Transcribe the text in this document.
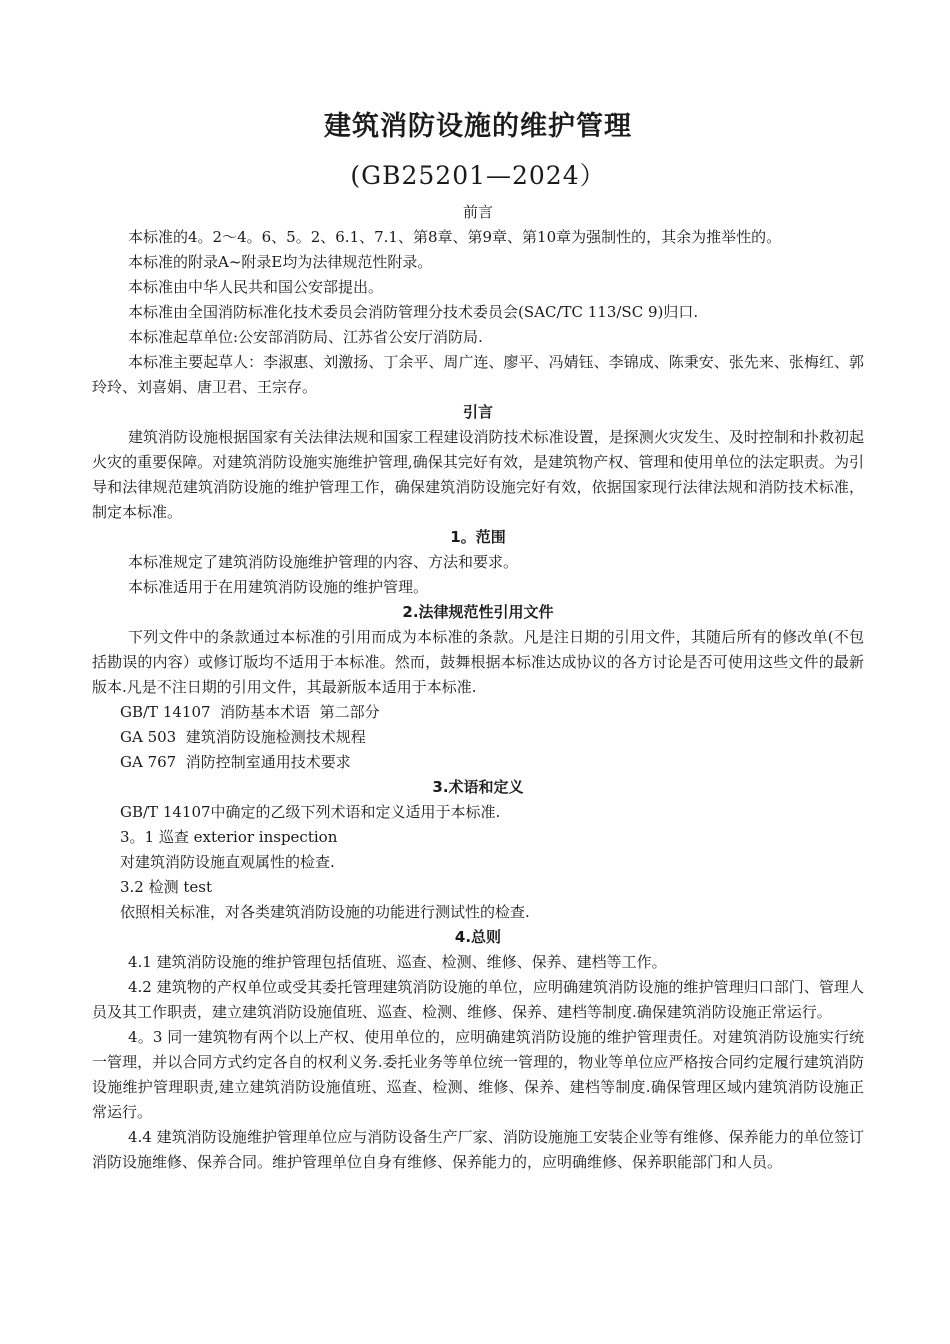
建筑消防设施的维护管理
(GB25201—2024）

前言

本标准的4。2～4。6、5。2、6.1、7.1、第8章、第9章、第10章为强制性的，其余为推举性的。

本标准的附录A~附录E均为法律规范性附录。

本标准由中华人民共和国公安部提出。

本标准由全国消防标准化技术委员会消防管理分技术委员会(SAC/TC 113/SC 9)归口.

本标准起草单位:公安部消防局、江苏省公安厅消防局.

本标准主要起草人：李淑惠、刘激扬、丁余平、周广连、廖平、冯婧钰、李锦成、陈秉安、张先来、张梅红、郭玲玲、刘喜娟、唐卫君、王宗存。

引言

建筑消防设施根据国家有关法律法规和国家工程建设消防技术标准设置，是探测火灾发生、及时控制和扑救初起火灾的重要保障。对建筑消防设施实施维护管理,确保其完好有效，是建筑物产权、管理和使用单位的法定职责。为引导和法律规范建筑消防设施的维护管理工作，确保建筑消防设施完好有效，依据国家现行法律法规和消防技术标准，制定本标准。

1。范围

本标准规定了建筑消防设施维护管理的内容、方法和要求。

本标准适用于在用建筑消防设施的维护管理。

2.法律规范性引用文件

下列文件中的条款通过本标准的引用而成为本标准的条款。凡是注日期的引用文件，其随后所有的修改单(不包括勘误的内容）或修订版均不适用于本标准。然而，鼓舞根据本标准达成协议的各方讨论是否可使用这些文件的最新版本.凡是不注日期的引用文件，其最新版本适用于本标准.

GB/T 14107  消防基本术语  第二部分

GA 503  建筑消防设施检测技术规程

GA 767  消防控制室通用技术要求

3.术语和定义

GB/T 14107中确定的乙级下列术语和定义适用于本标准.

3。1 巡查 exterior inspection

对建筑消防设施直观属性的检查.

3.2 检测 test

依照相关标准，对各类建筑消防设施的功能进行测试性的检查.

4.总则

4.1 建筑消防设施的维护管理包括值班、巡查、检测、维修、保养、建档等工作。

4.2 建筑物的产权单位或受其委托管理建筑消防设施的单位，应明确建筑消防设施的维护管理归口部门、管理人员及其工作职责，建立建筑消防设施值班、巡查、检测、维修、保养、建档等制度.确保建筑消防设施正常运行。

4。3 同一建筑物有两个以上产权、使用单位的，应明确建筑消防设施的维护管理责任。对建筑消防设施实行统一管理，并以合同方式约定各自的权利义务.委托业务等单位统一管理的，物业等单位应严格按合同约定履行建筑消防设施维护管理职责,建立建筑消防设施值班、巡查、检测、维修、保养、建档等制度.确保管理区域内建筑消防设施正常运行。

4.4 建筑消防设施维护管理单位应与消防设备生产厂家、消防设施施工安装企业等有维修、保养能力的单位签订消防设施维修、保养合同。维护管理单位自身有维修、保养能力的，应明确维修、保养职能部门和人员。
